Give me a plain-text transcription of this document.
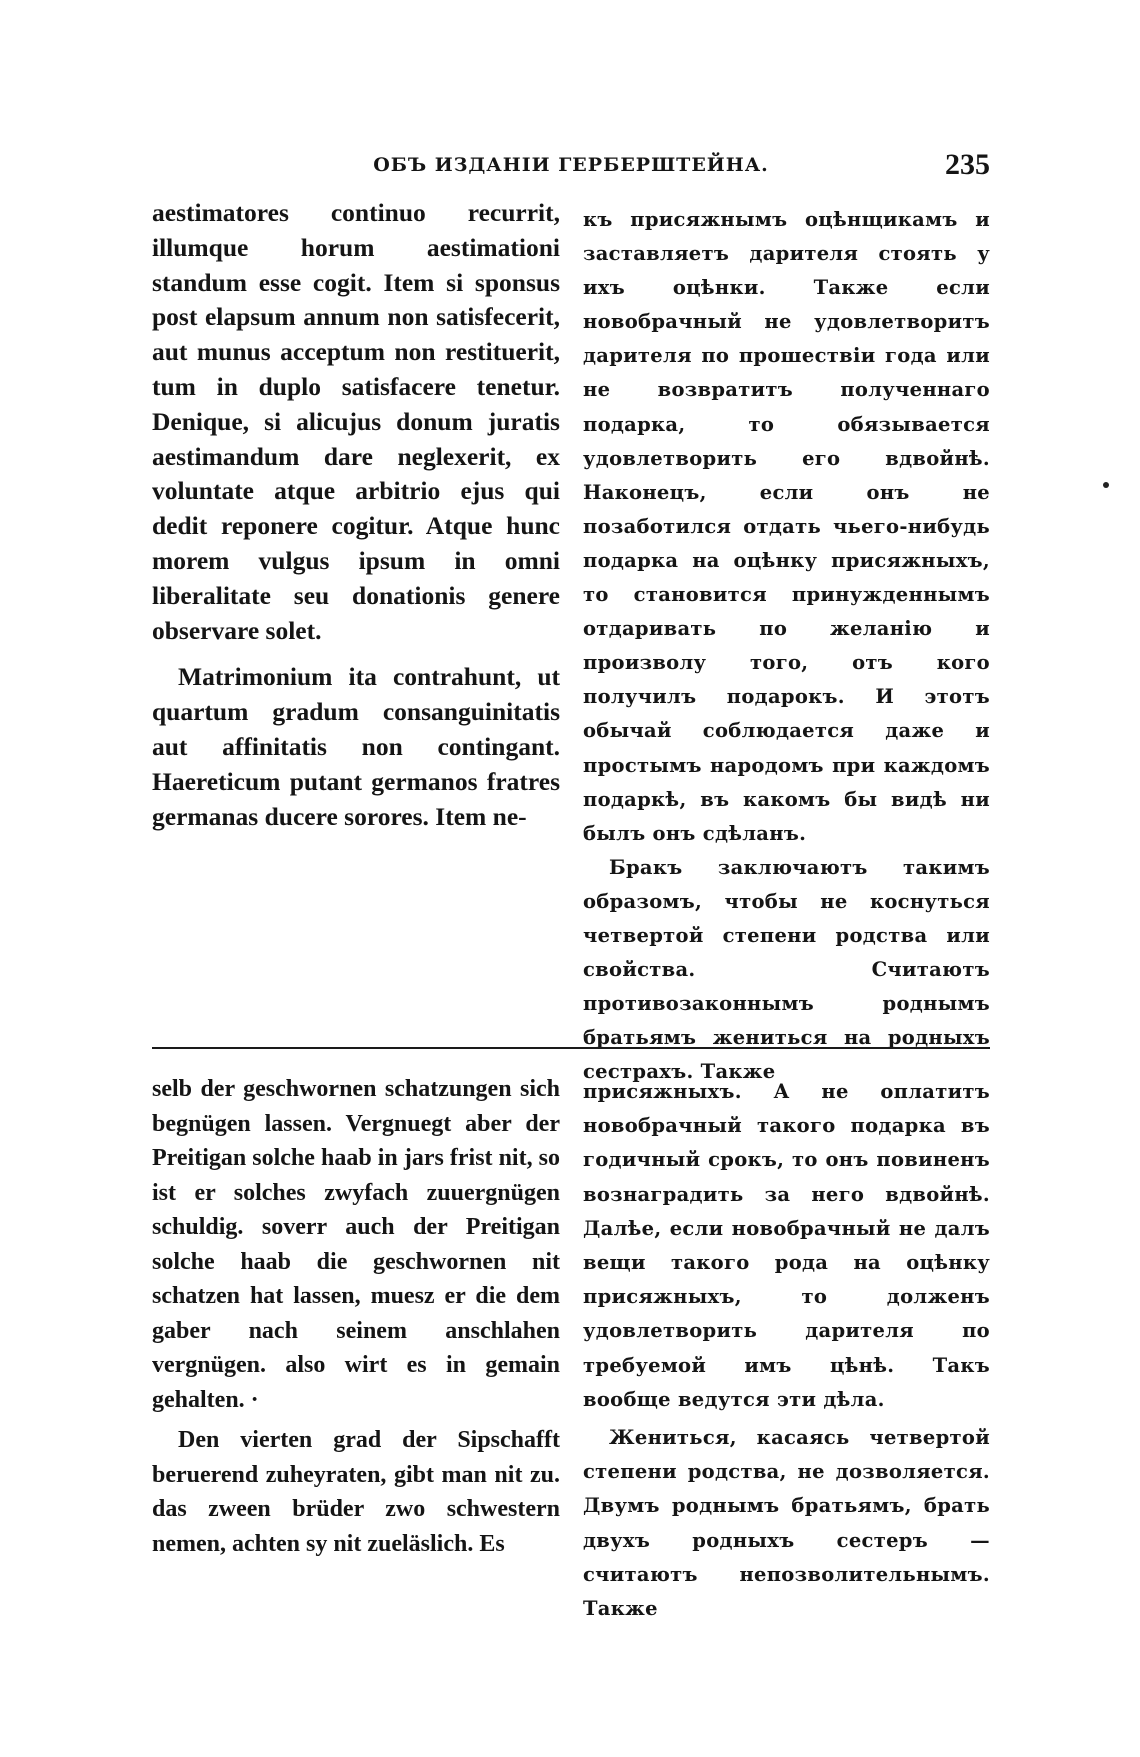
ОБЪ ИЗДАНІИ ГЕРБЕРШТЕЙНА.	235

aestimatores continuo recurrit, illumque horum aestimationi standum esse cogit. Item si sponsus post elapsum annum non satisfecerit, aut munus acceptum non restituerit, tum in duplo satisfacere tenetur. Denique, si alicujus donum juratis aestimandum dare neglexerit, ex voluntate atque arbitrio ejus qui dedit reponere cogitur. Atque hunc morem vulgus ipsum in omni liberalitate seu donationis genere observare solet.

Matrimonium ita contrahunt, ut quartum gradum consanguinitatis aut affinitatis non contingant. Haereticum putant germanos fratres germanas ducere sorores. Item ne-

къ присяжнымъ оцѣнщикамъ и заставляетъ дарителя стоять у ихъ оцѣнки. Также если новобрачный не удовлетворитъ дарителя по прошествіи года или не возвратитъ полученнаго подарка, то обязывается удовлетворить его вдвойнѣ. Наконецъ, если онъ не позаботился отдать чьего-нибудь подарка на оцѣнку присяжныхъ, то становится принужденнымъ отдаривать по желанію и произволу того, отъ кого получилъ подарокъ. И этотъ обычай соблюдается даже и простымъ народомъ при каждомъ подаркѣ, въ какомъ бы видѣ ни былъ онъ сдѣланъ.

Бракъ заключаютъ такимъ образомъ, чтобы не коснуться четвертой степени родства или свойства. Считаютъ противозаконнымъ роднымъ братьямъ жениться на родныхъ сестрахъ. Также

selb der geschwornen schatzungen sich begnügen lassen. Vergnuegt aber der Preitigan solche haab in jars frist nit, so ist er solches zwyfach zuuergnügen schuldig. soverr auch der Preitigan solche haab die geschwornen nit schatzen hat lassen, muesz er die dem gaber nach seinem anschlahen vergnügen. also wirt es in gemain gehalten. ·

Den vierten grad der Sipschafft beruerend zuheyraten, gibt man nit zu. das zween brüder zwo schwestern nemen, achten sy nit zueläslich. Es

присяжныхъ. А не оплатитъ новобрачный такого подарка въ годичный срокъ, то онъ повиненъ вознаградить за него вдвойнѣ. Далѣе, если новобрачный не далъ вещи такого рода на оцѣнку присяжныхъ, то долженъ удовлетворить дарителя по требуемой имъ цѣнѣ. Такъ вообще ведутся эти дѣла.

Жениться, касаясь четвертой степени родства, не дозволяется. Двумъ роднымъ братьямъ, брать двухъ родныхъ сестеръ — считаютъ непозволительнымъ. Также
